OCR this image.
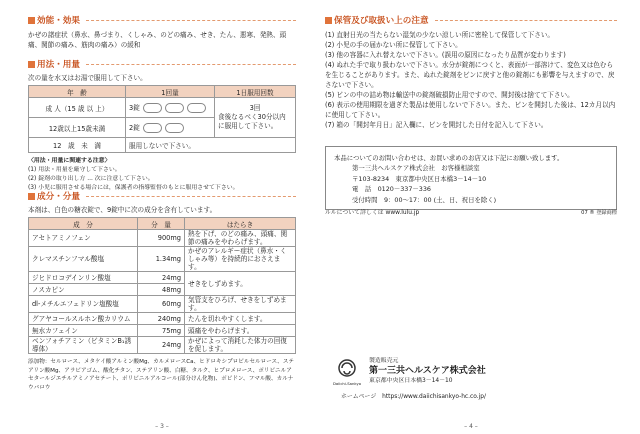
効能・効果

かぜの諸症状（鼻水、鼻づまり、くしゃみ、のどの痛み、せき、たん、悪寒、発熱、頭痛、関節の痛み、筋肉の痛み）の緩和

用法・用量

次の量を水又はお湯で服用して下さい。

年　齢	1回量	1日服用回数
成 人（15 歳 以 上）	3錠	3回
食後なるべく30分以内に服用して下さい。

12歳以上15歳未満	2錠	
12　歳　未　満	服用しないで下さい。	

〈用法・用量に関連する注意〉

(1) 用法・用量を厳守して下さい。

(2) 錠剤の取り出し方 ... 次に注意して下さい。

(3) 小児に服用させる場合には，保護者の指導監督のもとに服用させて下さい。

成分・分量

本剤は、白色の糖衣錠で、9錠中に次の成分を含有しています。

成　分	分　量	はたらき
アセトアミノフェン	900mg	熱を下げ、のどの痛み、頭痛、関節の痛みをやわらげます。
クレマスチンフマル酸塩	1.34mg	かぜのアレルギー症状（鼻水・くしゃみ等）を持続的におさえます。
ジヒドロコデインリン酸塩	24mg	せきをしずめます。
ノスカピン	48mg	
dl-メチルエフェドリン塩酸塩	60mg	気管支をひろげ、せきをしずめます。
グアヤコールスルホン酸カリウム	240mg	たんを切れやすくします。
無水カフェイン	75mg	頭痛をやわらげます。
ベンフォチアミン（ビタミンB₁誘導体）	24mg	かぜによって消耗した体力の回復を促します。

添加物：セルロース、メタケイ酸アルミン酸Mg、カルメロースCa、ヒドロキシプロピルセルロース、ステアリン酸Mg、アラビアゴム、酸化チタン、ステアリン酸、白糖、タルク、ヒプロメロース、ポリビニルアセタールジエチルアミノアセテート、ポリビニルアルコール(部分けん化物)、ポビドン、フマル酸、カルナウバロウ

– 3 –
保管及び取扱い上の注意
(1) 直射日光の当たらない湿気の少ない涼しい所に密栓して保管して下さい。
(2) 小児の手の届かない所に保管して下さい。
(3) 他の容器に入れ替えないで下さい。(誤用の原因になったり品質が変わります)
(4) ぬれた手で取り扱わないで下さい。水分が錠剤につくと、表面が一部溶けて、変色又は色むらを生じることがあります。また、ぬれた錠剤をビンに戻すと他の錠剤にも影響を与えますので、戻さないで下さい。
(5) ビンの中の詰め物は輸送中の錠剤破損防止用ですので、開封後は捨てて下さい。
(6) 表示の使用期限を過ぎた製品は使用しないで下さい。また、ビンを開封した後は、12カ月以内に使用して下さい。
(7) 箱の「開封年月日」記入欄に、ビンを開封した日付を記入して下さい。
本品についてのお問い合わせは、お買い求めのお店又は下記にお願い致します。
第一三共ヘルスケア株式会社　お客様相談室
〒103-8234　東京都中央区日本橋3－14－10
電　話　 0120－337－336
受付時間　 9：00～17：00 (土、日、祝日を除く)
ルルについて詳しくは www.lulu.jp	07 ® 登録商標
Daiichi-Sankyo
製造販売元
第一三共ヘルスケア株式会社
東京都中央区日本橋3－14－10
ホームページ　 https://www.daiichisankyo-hc.co.jp/
– 4 –
